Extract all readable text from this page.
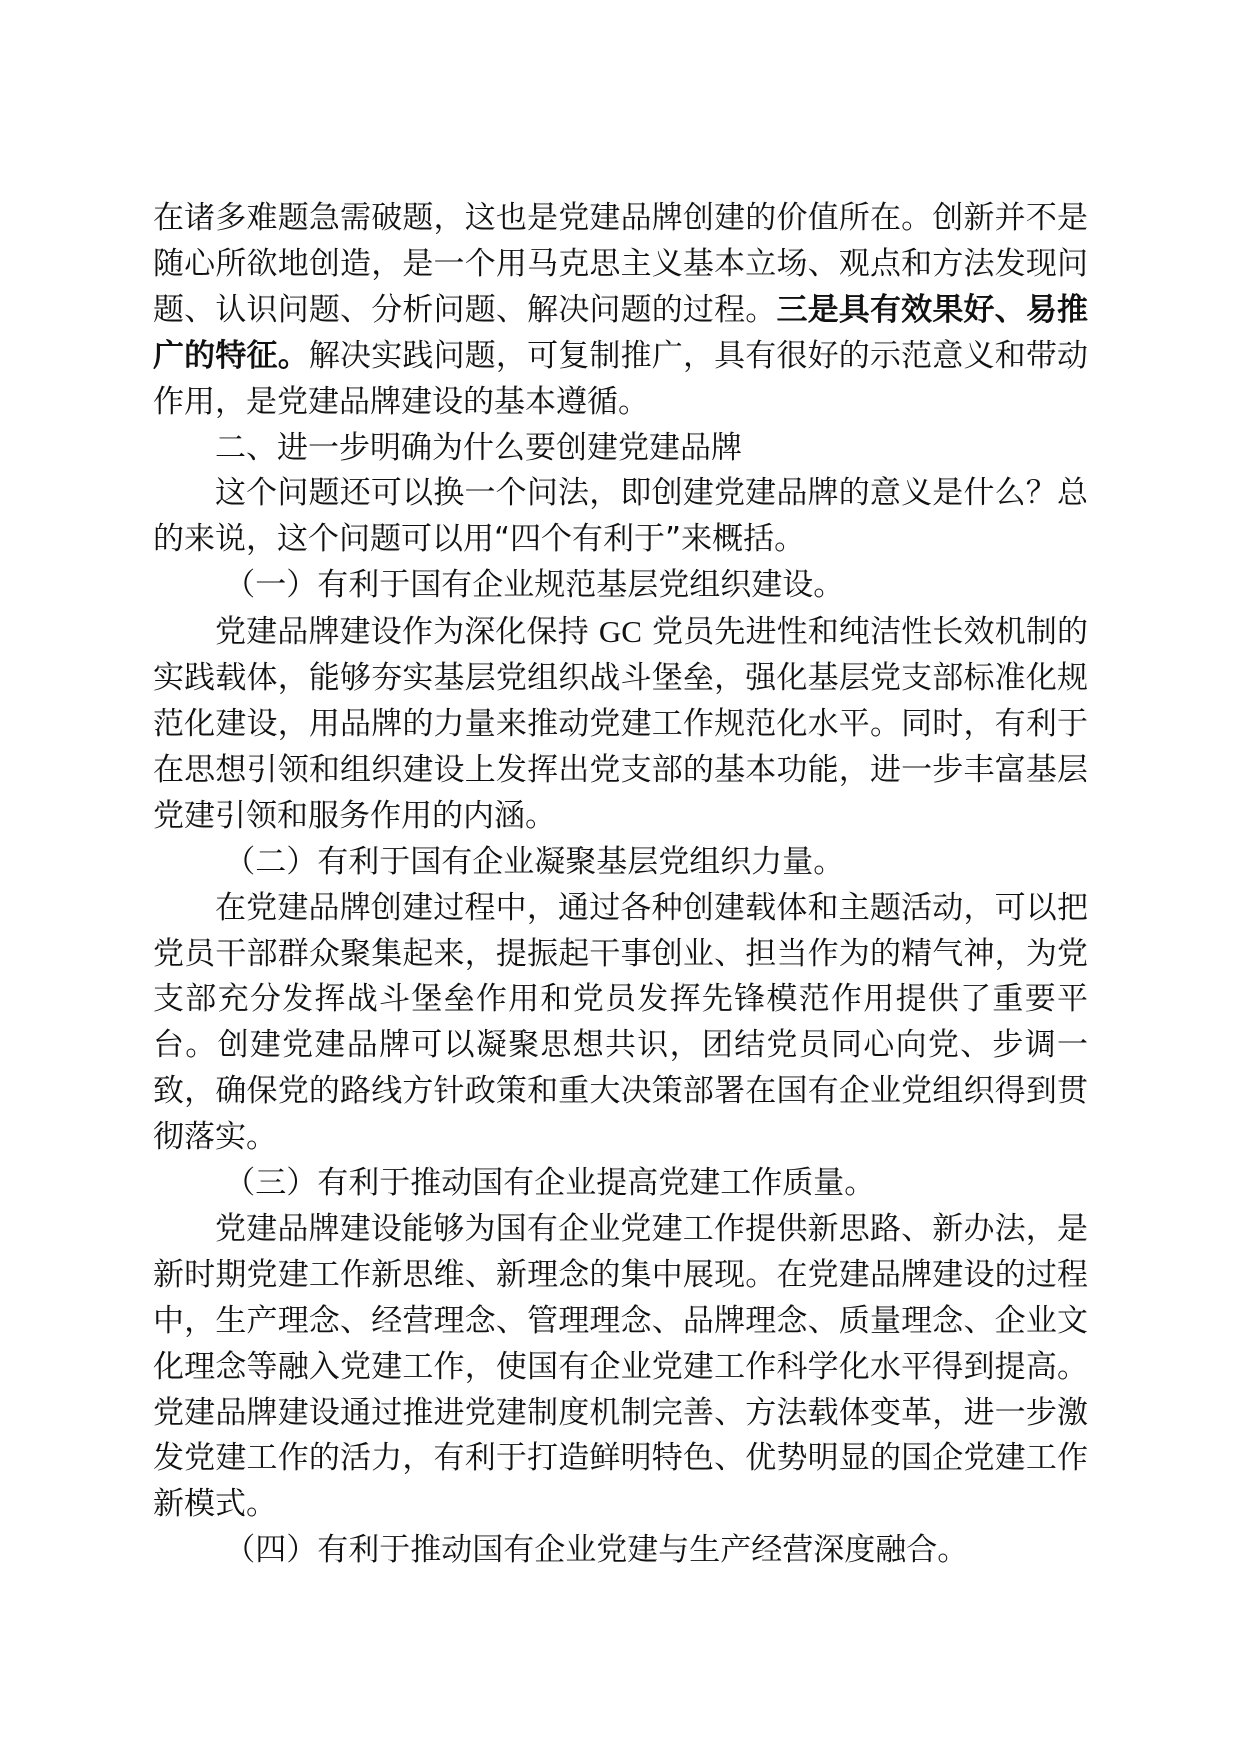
在诸多难题急需破题，这也是党建品牌创建的价值所在。创新并不是随心所欲地创造，是一个用马克思主义基本立场、观点和方法发现问题、认识问题、分析问题、解决问题的过程。三是具有效果好、易推广的特征。解决实践问题，可复制推广，具有很好的示范意义和带动作用，是党建品牌建设的基本遵循。

二、进一步明确为什么要创建党建品牌

这个问题还可以换一个问法，即创建党建品牌的意义是什么？总的来说，这个问题可以用“四个有利于”来概括。

（一）有利于国有企业规范基层党组织建设。

党建品牌建设作为深化保持 GC 党员先进性和纯洁性长效机制的实践载体，能够夯实基层党组织战斗堡垒，强化基层党支部标准化规范化建设，用品牌的力量来推动党建工作规范化水平。同时，有利于在思想引领和组织建设上发挥出党支部的基本功能，进一步丰富基层党建引领和服务作用的内涵。

（二）有利于国有企业凝聚基层党组织力量。

在党建品牌创建过程中，通过各种创建载体和主题活动，可以把党员干部群众聚集起来，提振起干事创业、担当作为的精气神，为党支部充分发挥战斗堡垒作用和党员发挥先锋模范作用提供了重要平台。创建党建品牌可以凝聚思想共识，团结党员同心向党、步调一致，确保党的路线方针政策和重大决策部署在国有企业党组织得到贯彻落实。

（三）有利于推动国有企业提高党建工作质量。

党建品牌建设能够为国有企业党建工作提供新思路、新办法，是新时期党建工作新思维、新理念的集中展现。在党建品牌建设的过程中，生产理念、经营理念、管理理念、品牌理念、质量理念、企业文化理念等融入党建工作，使国有企业党建工作科学化水平得到提高。党建品牌建设通过推进党建制度机制完善、方法载体变革，进一步激发党建工作的活力，有利于打造鲜明特色、优势明显的国企党建工作新模式。

（四）有利于推动国有企业党建与生产经营深度融合。
